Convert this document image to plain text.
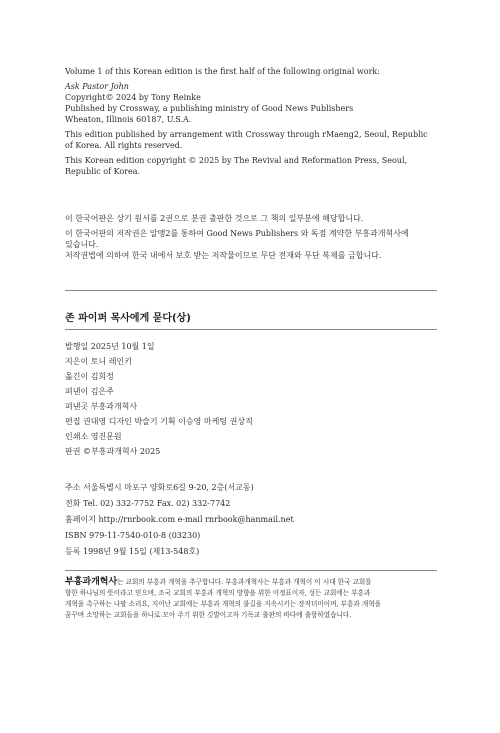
Volume 1 of this Korean edition is the first half of the following original work:
Ask Pastor John
Copyright© 2024 by Tony Reinke
Published by Crossway, a publishing ministry of Good News Publishers
Wheaton, Illinois 60187, U.S.A.
This edition published by arrangement with Crossway through rMaeng2, Seoul, Republic of Korea. All rights reserved.
This Korean edition copyright © 2025 by The Revival and Reformation Press, Seoul, Republic of Korea.
이 한국어판은 상기 원서를 2권으로 분권 출판한 것으로 그 책의 일부분에 해당합니다.
이 한국어판의 저작권은 알맹2를 통하여 Good News Publishers 와 독점 계약한 부흥과개혁사에
있습니다.
저작권법에 의하여 한국 내에서 보호 받는 저작물이므로 무단 전재와 무단 복제를 금합니다.
존 파이퍼 목사에게 묻다(상)
발행일 2025년 10월 1일
지은이 토니 레인키
옮긴이 김희정
펴낸이 김은주
펴낸곳 부흥과개혁사
편집 권대영 디자인 박슬기 기획 이승영 마케팅 권상직
인쇄소 영진문원
판권 ©부흥과개혁사 2025
주소 서울특별시 마포구 양화로6길 9-20, 2층(서교동)
전화 Tel. 02) 332-7752 Fax. 02) 332-7742
홈페이지 http://rnrbook.com e-mail rnrbook@hanmail.net
ISBN 979-11-7540-010-8 (03230)
등록 1998년 9월 15일 (제13-548호)
부흥과개혁사는 교회의 부흥과 개혁을 추구합니다. 부흥과개혁사는 부흥과 개혁이 이 시대 한국 교회를
향한 하나님의 뜻이라고 믿으며, 조국 교회의 부흥과 개혁의 방향을 위한 이정표이자, 성든 교회에는 부흥과
개혁을 촉구하는 나팔 소리요, 지어난 교회에는 부흥과 개혁의 불길을 지속시키는 장작더미이며, 부흥과 개혁을
꿈꾸며 소망하는 교회들을 하나로 모아 주기 위한 깃발이고자 기독교 출판의 바다에 출항하였습니다.
